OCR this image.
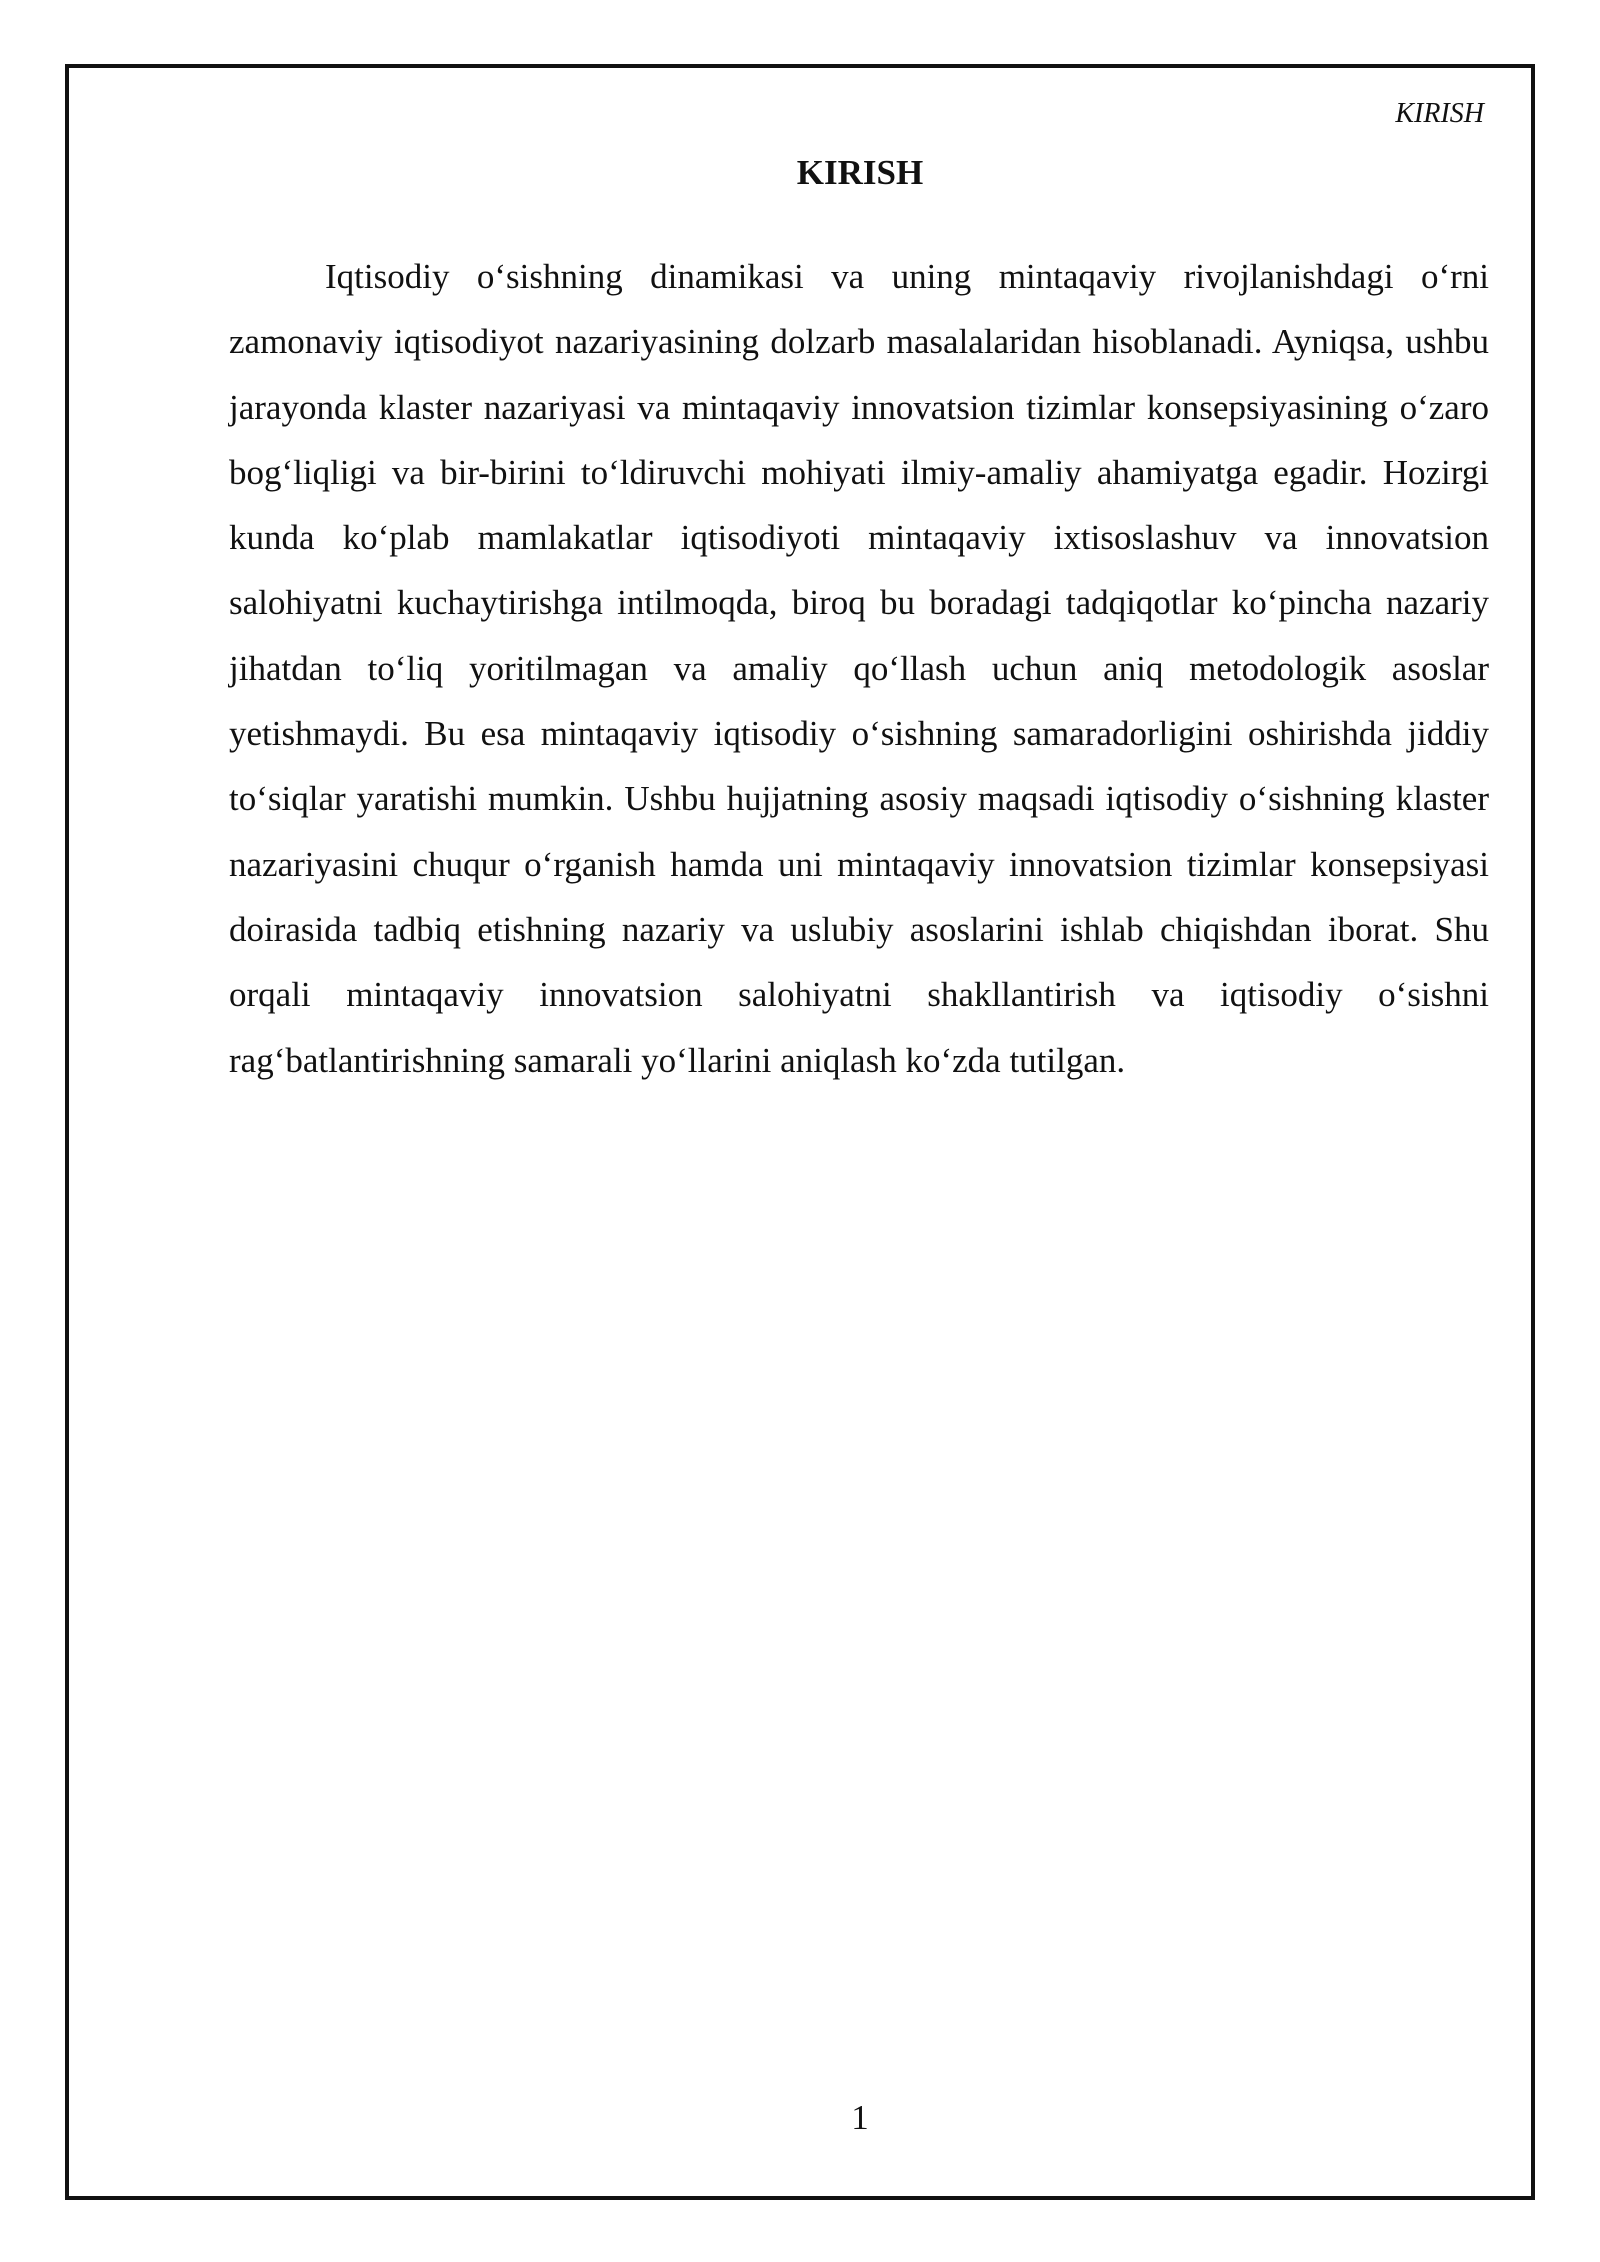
KIRISH
KIRISH

Iqtisodiy o‘sishning dinamikasi va uning mintaqaviy rivojlanishdagi o‘rni zamonaviy iqtisodiyot nazariyasining dolzarb masalalaridan hisoblanadi. Ayniqsa, ushbu jarayonda klaster nazariyasi va mintaqaviy innovatsion tizimlar konsepsiyasining o‘zaro bog‘liqligi va bir-birini to‘ldiruvchi mohiyati ilmiy-amaliy ahamiyatga egadir. Hozirgi kunda ko‘plab mamlakatlar iqtisodiyoti mintaqaviy ixtisoslashuv va innovatsion salohiyatni kuchaytirishga intilmoqda, biroq bu boradagi tadqiqotlar ko‘pincha nazariy jihatdan to‘liq yoritilmagan va amaliy qo‘llash uchun aniq metodologik asoslar yetishmaydi. Bu esa mintaqaviy iqtisodiy o‘sishning samaradorligini oshirishda jiddiy to‘siqlar yaratishi mumkin. Ushbu hujjatning asosiy maqsadi iqtisodiy o‘sishning klaster nazariyasini chuqur o‘rganish hamda uni mintaqaviy innovatsion tizimlar konsepsiyasi doirasida tadbiq etishning nazariy va uslubiy asoslarini ishlab chiqishdan iborat. Shu orqali mintaqaviy innovatsion salohiyatni shakllantirish va iqtisodiy o‘sishni rag‘batlantirishning samarali yo‘llarini aniqlash ko‘zda tutilgan.

1
